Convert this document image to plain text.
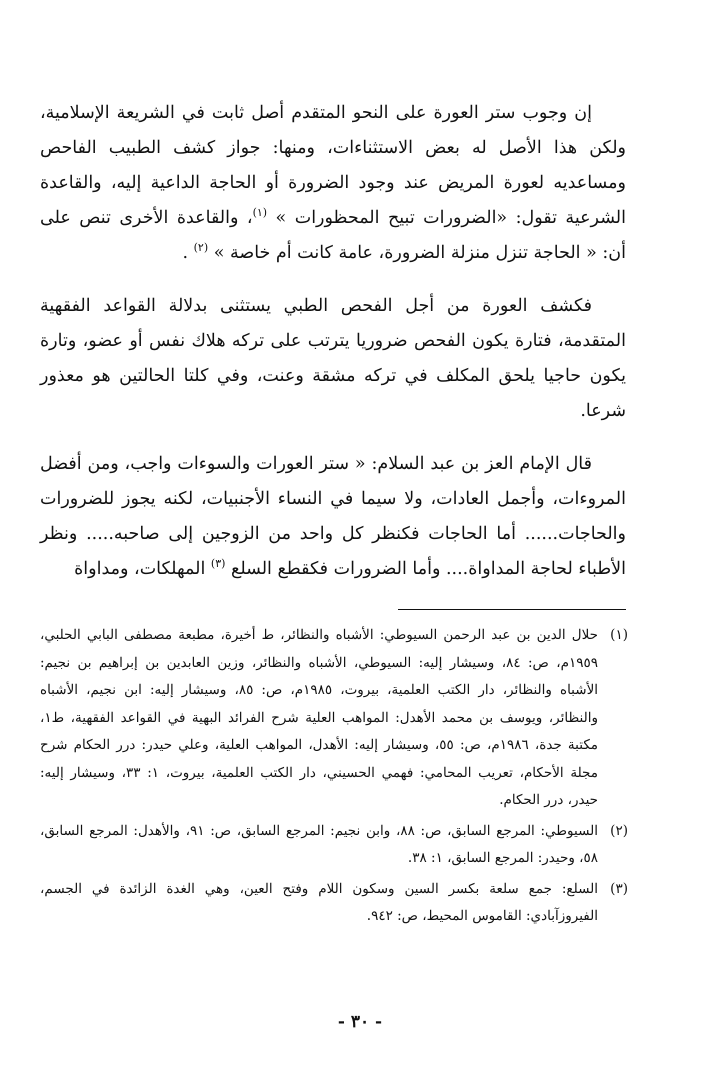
إن وجوب ستر العورة على النحو المتقدم أصل ثابت في الشريعة الإسلامية، ولكن هذا الأصل له بعض الاستثناءات، ومنها: جواز كشف الطبيب الفاحص ومساعديه لعورة المريض عند وجود الضرورة أو الحاجة الداعية إليه، والقاعدة الشرعية تقول: «الضرورات تبيح المحظورات » $^{(١)}$، والقاعدة الأخرى تنص على أن: « الحاجة تنزل منزلة الضرورة، عامة كانت أم خاصة » $^{(٢)}$ .

فكشف العورة من أجل الفحص الطبي يستثنى بدلالة القواعد الفقهية المتقدمة، فتارة يكون الفحص ضروريا يترتب على تركه هلاك نفس أو عضو، وتارة يكون حاجيا يلحق المكلف في تركه مشقة وعنت، وفي كلتا الحالتين هو معذور شرعا.

قال الإمام العز بن عبد السلام: « ستر العورات والسوءات واجب، ومن أفضل المروءات، وأجمل العادات، ولا سيما في النساء الأجنبيات، لكنه يجوز للضرورات والحاجات...... أما الحاجات فكنظر كل واحد من الزوجين إلى صاحبه..... ونظر الأطباء لحاجة المداواة.... وأما الضرورات فكقطع السلع $^{(٣)}$ المهلكات، ومداواة

(١)حلال الدين بن عبد الرحمن السيوطي: الأشباه والنظائر، ط أخيرة، مطبعة مصطفى البابي الحلبي، ١٩٥٩م، ص: ٨٤، وسيشار إليه: السيوطي، الأشباه والنظائر، وزين العابدين بن إبراهيم بن نجيم: الأشباه والنظائر، دار الكتب العلمية، بيروت، ١٩٨٥م، ص: ٨٥، وسيشار إليه: ابن نجيم، الأشباه والنظائر، ويوسف بن محمد الأهدل: المواهب العلية شرح الفرائد البهية في القواعد الفقهية، ط١، مكتبة جدة، ١٩٨٦م، ص: ٥٥، وسيشار إليه: الأهدل، المواهب العلية، وعلي حيدر: درر الحكام شرح مجلة الأحكام، تعريب المحامي: فهمي الحسيني، دار الكتب العلمية، بيروت، ١: ٣٣، وسيشار إليه: حيدر، درر الحكام.

(٢)السيوطي: المرجع السابق، ص: ٨٨، وابن نجيم: المرجع السابق، ص: ٩١، والأهدل: المرجع السابق، ٥٨، وحيدر: المرجع السابق، ١: ٣٨.

(٣)السلع: جمع سلعة بكسر السين وسكون اللام وفتح العين، وهي الغدة الزائدة في الجسم، الفيروزآبادي: القاموس المحيط، ص: ٩٤٢.

- ٣٠ -
